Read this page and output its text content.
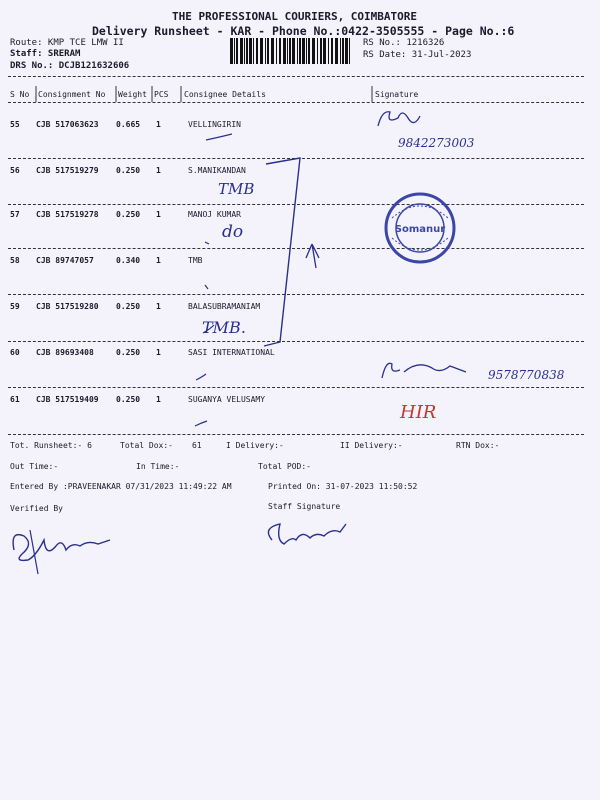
THE PROFESSIONAL COURIERS, COIMBATORE
Delivery Runsheet - KAR - Phone No.:0422-3505555 - Page No.:6
Route: KMP TCE LMW II
Staff: SRERAM
DRS No.: DCJB121632606
RS No.: 1216326
RS Date: 31-Jul-2023
S No Consignment No Weight PCS Consignee Details	Signature
55 CJB 517063623 0.665 1	VELLINGIRIN
56 CJB 517519279 0.250 1	S.MANIKANDAN
57 CJB 517519278 0.250 1	MANOJ KUMAR
58 CJB 89747057	0.340 1	TMB
59 CJB 517519280 0.250 1	BALASUBRAMANIAM
60 CJB 89693408	0.250 1	SASI INTERNATIONAL
61 CJB 517519409 0.250 1	SUGANYA VELUSAMY
9842273003
TMB
do
TMB.
9578770838
HIR
Somanur
Tot. Runsheet:- 6	Total Dox:- 61	I Delivery:-	II Delivery:-	RTN Dox:-
Out Time:-	In Time:-	Total POD:-
Entered By :PRAVEENAKAR 07/31/2023 11:49:22 AM	Printed On: 31-07-2023 11:50:52
Verified By	Staff Signature
